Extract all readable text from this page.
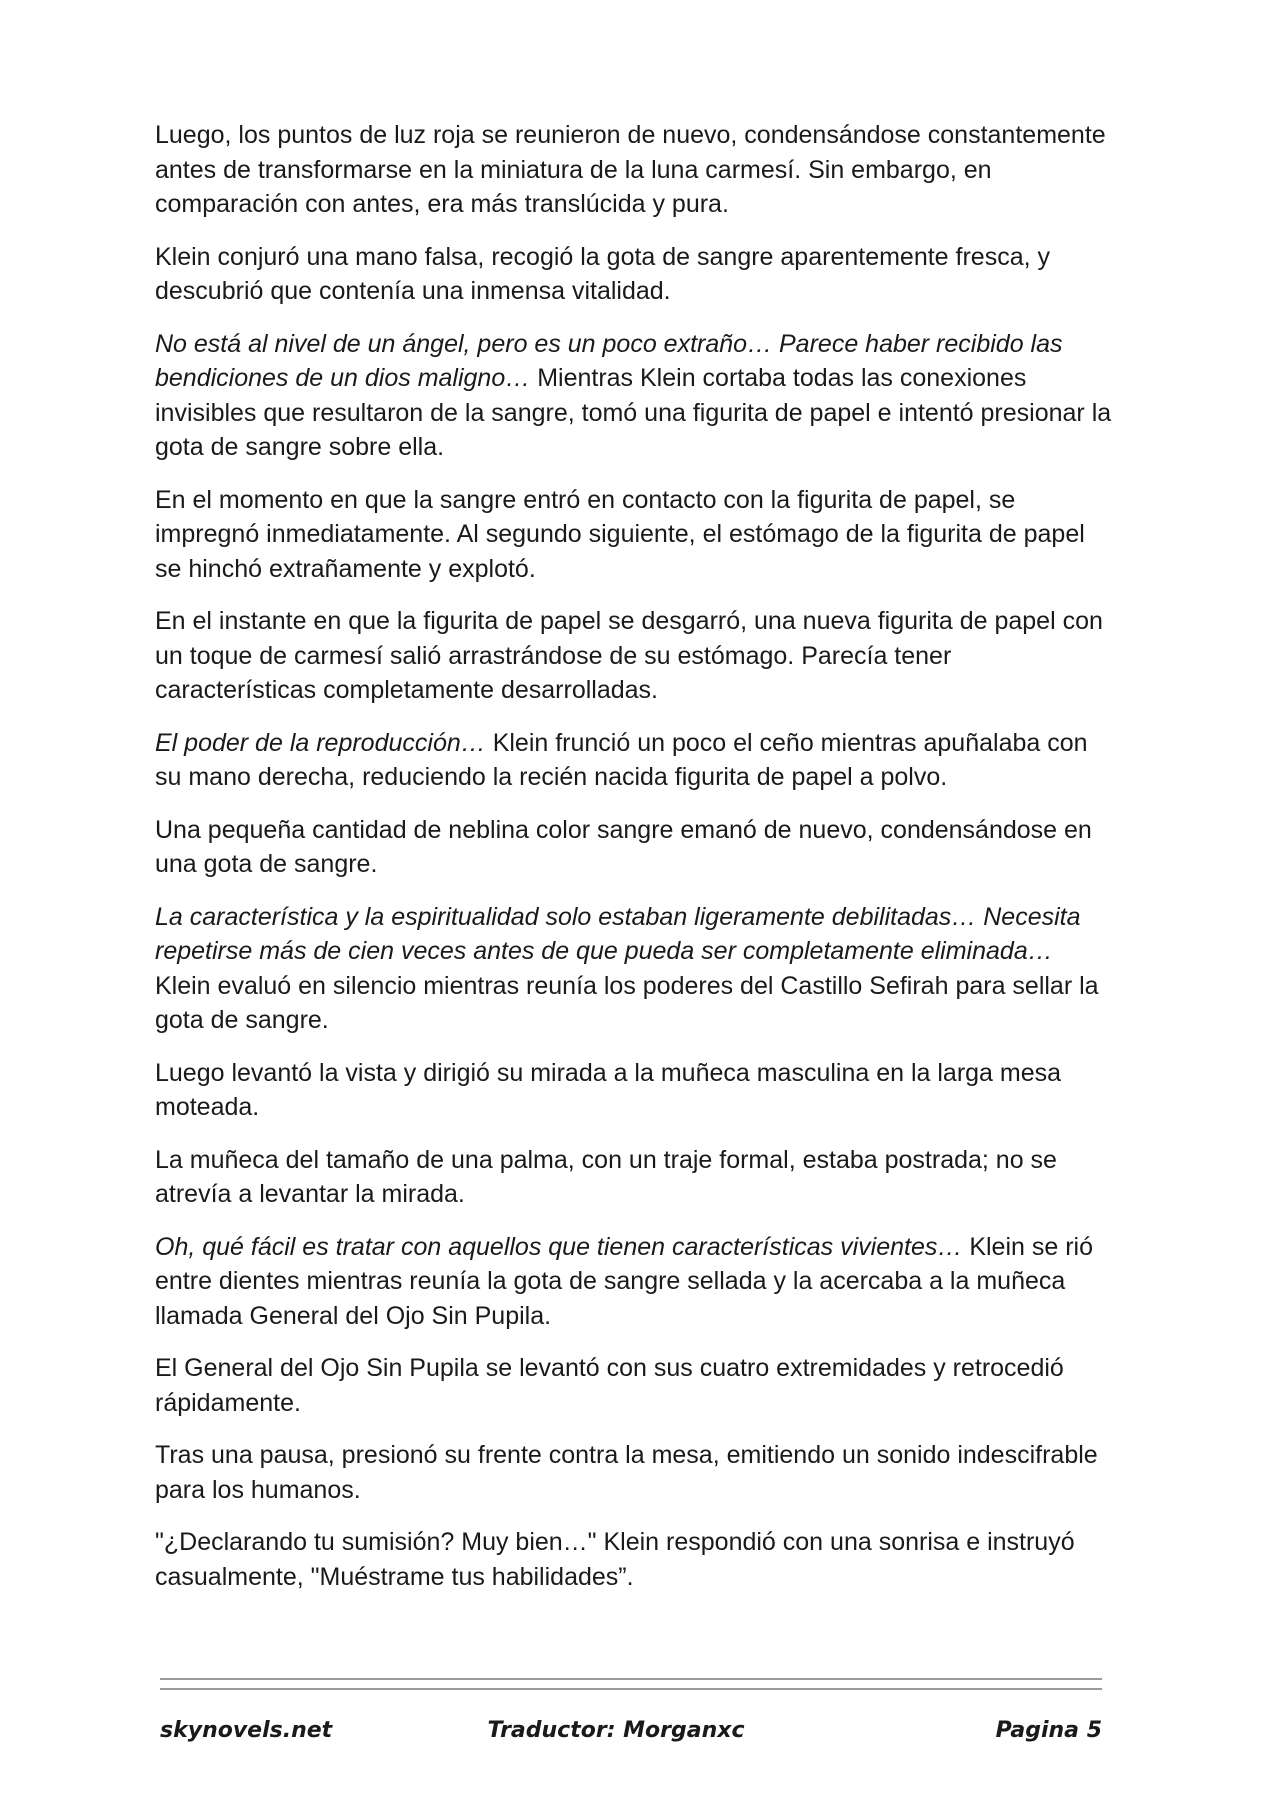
Luego, los puntos de luz roja se reunieron de nuevo, condensándose constantemente antes de transformarse en la miniatura de la luna carmesí. Sin embargo, en comparación con antes, era más translúcida y pura.

Klein conjuró una mano falsa, recogió la gota de sangre aparentemente fresca, y descubrió que contenía una inmensa vitalidad.

No está al nivel de un ángel, pero es un poco extraño… Parece haber recibido las bendiciones de un dios maligno… Mientras Klein cortaba todas las conexiones invisibles que resultaron de la sangre, tomó una figurita de papel e intentó presionar la gota de sangre sobre ella.

En el momento en que la sangre entró en contacto con la figurita de papel, se impregnó inmediatamente. Al segundo siguiente, el estómago de la figurita de papel se hinchó extrañamente y explotó.

En el instante en que la figurita de papel se desgarró, una nueva figurita de papel con un toque de carmesí salió arrastrándose de su estómago. Parecía tener características completamente desarrolladas.

El poder de la reproducción… Klein frunció un poco el ceño mientras apuñalaba con su mano derecha, reduciendo la recién nacida figurita de papel a polvo.

Una pequeña cantidad de neblina color sangre emanó de nuevo, condensándose en una gota de sangre.

La característica y la espiritualidad solo estaban ligeramente debilitadas… Necesita repetirse más de cien veces antes de que pueda ser completamente eliminada… Klein evaluó en silencio mientras reunía los poderes del Castillo Sefirah para sellar la gota de sangre.

Luego levantó la vista y dirigió su mirada a la muñeca masculina en la larga mesa moteada.

La muñeca del tamaño de una palma, con un traje formal, estaba postrada; no se atrevía a levantar la mirada.

Oh, qué fácil es tratar con aquellos que tienen características vivientes… Klein se rió entre dientes mientras reunía la gota de sangre sellada y la acercaba a la muñeca llamada General del Ojo Sin Pupila.

El General del Ojo Sin Pupila se levantó con sus cuatro extremidades y retrocedió rápidamente.

Tras una pausa, presionó su frente contra la mesa, emitiendo un sonido indescifrable para los humanos.

"¿Declarando tu sumisión? Muy bien…" Klein respondió con una sonrisa e instruyó casualmente, "Muéstrame tus habilidades”.

skynovels.net	Traductor: Morganxc	Pagina 5
